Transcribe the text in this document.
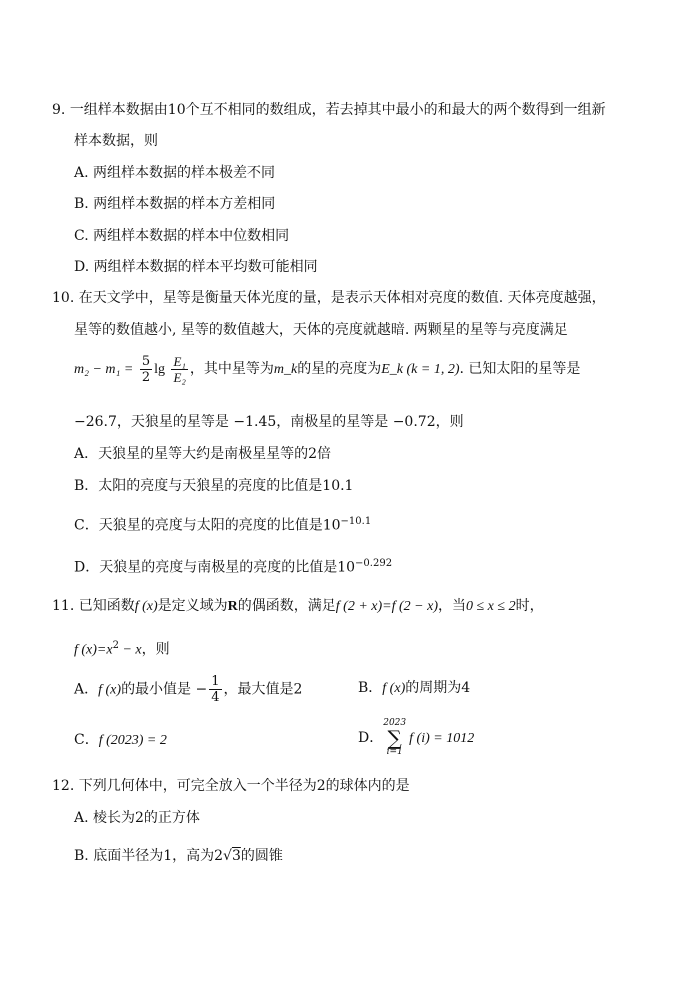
9. 一组样本数据由10个互不相同的数组成，若去掉其中最小的和最大的两个数得到一组新
样本数据，则
A. 两组样本数据的样本极差不同
B. 两组样本数据的样本方差相同
C. 两组样本数据的样本中位数相同
D. 两组样本数据的样本平均数可能相同
10. 在天文学中，星等是衡量天体光度的量，是表示天体相对亮度的数值. 天体亮度越强，
星等的数值越小, 星等的数值越大，天体的亮度就越暗. 两颗星的星等与亮度满足
$m_2 - m_1 = \frac{5}{2}$ $\lg \frac{\text{E₁}}{\text{E₂}}$ ，其中星等为m_k的星的亮度为E_k (k = 1, 2). 已知太阳的星等是
−26.7，天狼星的星等是 −1.45，南极星的星等是 −0.72，则
A．天狼星的星等大约是南极星星等的2倍
B．太阳的亮度与天狼星的亮度的比值是10.1
C．天狼星的亮度与太阳的亮度的比值是$10^{-10.1}$
D．天狼星的亮度与南极星的亮度的比值是$10^{-0.292}$
11. 已知函数f (x)是定义域为R的偶函数，满足f (2 + x)=f (2 − x)，当0 ≤ x ≤ 2时，
f $(x)=x^2 - x$，则
A．f (x)的最小值是 − $\frac{1}{4}$ ，最大值是2	B．f (x)的周期为4
C．f (2023) = 2	D．
2023
∑
i=1
f (i) = 1012
12. 下列几何体中，可完全放入一个半径为2的球体内的是
A. 棱长为2的正方体
B. 底面半径为1，高为2√3的圆锥
